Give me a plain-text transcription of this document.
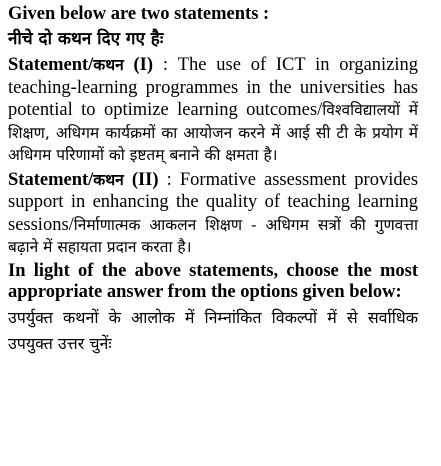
Given below are two statements :
नीचे दो कथन दिए गए हैः
Statement/कथन (I) : The use of ICT in organizing teaching-learning programmes in the universities has potential to optimize learning outcomes/विश्वविद्यालयों में शिक्षण, अधिगम कार्यक्रमों का आयोजन करने में आई सी टी के प्रयोग में अधिगम परिणामों को इष्टतम् बनाने की क्षमता है।
Statement/कथन (II) : Formative assessment provides support in enhancing the quality of teaching learning sessions/निर्माणात्मक आकलन शिक्षण - अधिगम सत्रों की गुणवत्ता बढ़ाने में सहायता प्रदान करता है।
In light of the above statements, choose the most appropriate answer from the options given below:
उपर्युक्त कथनों के आलोक में निम्नांकित विकल्पों में से सर्वाधिक उपयुक्त उत्तर चुनेंः
